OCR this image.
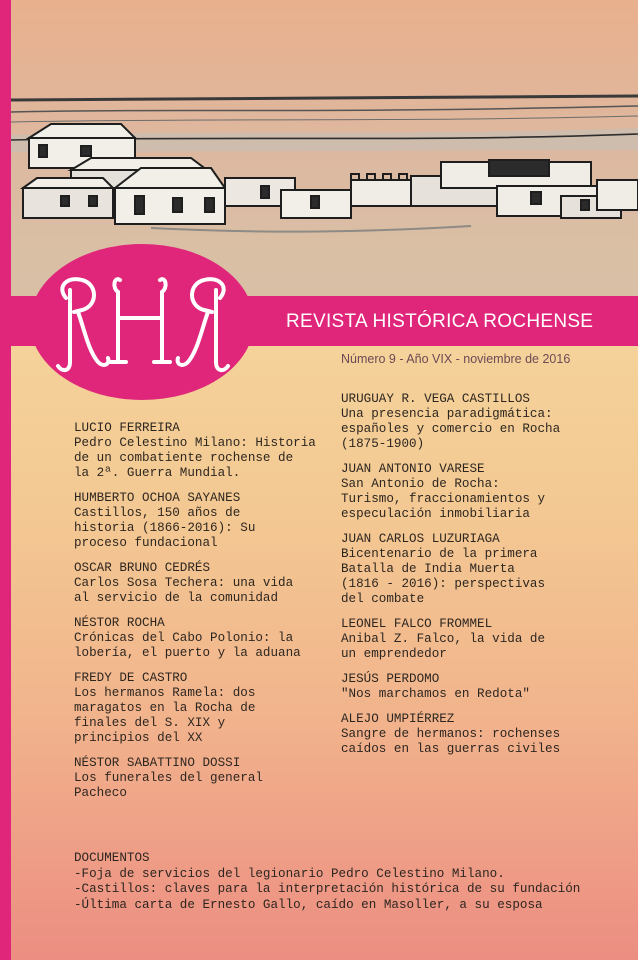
REVISTA HISTÓRICA ROCHENSE
Número 9 - Año VIX - noviembre de 2016
LUCIO FERREIRA
Pedro Celestino Milano: Historia
de un combatiente rochense de
la 2ª. Guerra Mundial.
HUMBERTO OCHOA SAYANES
Castillos, 150 años de
historia (1866-2016): Su
proceso fundacional
OSCAR BRUNO CEDRÉS
Carlos Sosa Techera: una vida
al servicio de la comunidad
NÉSTOR ROCHA
Crónicas del Cabo Polonio: la
lobería, el puerto y la aduana
FREDY DE CASTRO
Los hermanos Ramela: dos
maragatos en la Rocha de
finales del S. XIX y
principios del XX
NÉSTOR SABATTINO DOSSI
Los funerales del general
Pacheco
URUGUAY R. VEGA CASTILLOS
Una presencia paradigmática:
españoles y comercio en Rocha
(1875-1900)
JUAN ANTONIO VARESE
San Antonio de Rocha:
Turismo, fraccionamientos y
especulación inmobiliaria
JUAN CARLOS LUZURIAGA
Bicentenario de la primera
Batalla de India Muerta
(1816 - 2016): perspectivas
del combate
LEONEL FALCO FROMMEL
Anibal Z. Falco, la vida de
un emprendedor
JESÚS PERDOMO
"Nos marchamos en Redota"
ALEJO UMPIÉRREZ
Sangre de hermanos: rochenses
caídos en las guerras civiles
DOCUMENTOS
-Foja de servicios del legionario Pedro Celestino Milano.
-Castillos: claves para la interpretación histórica de su fundación
-Última carta de Ernesto Gallo, caído en Masoller, a su esposa
